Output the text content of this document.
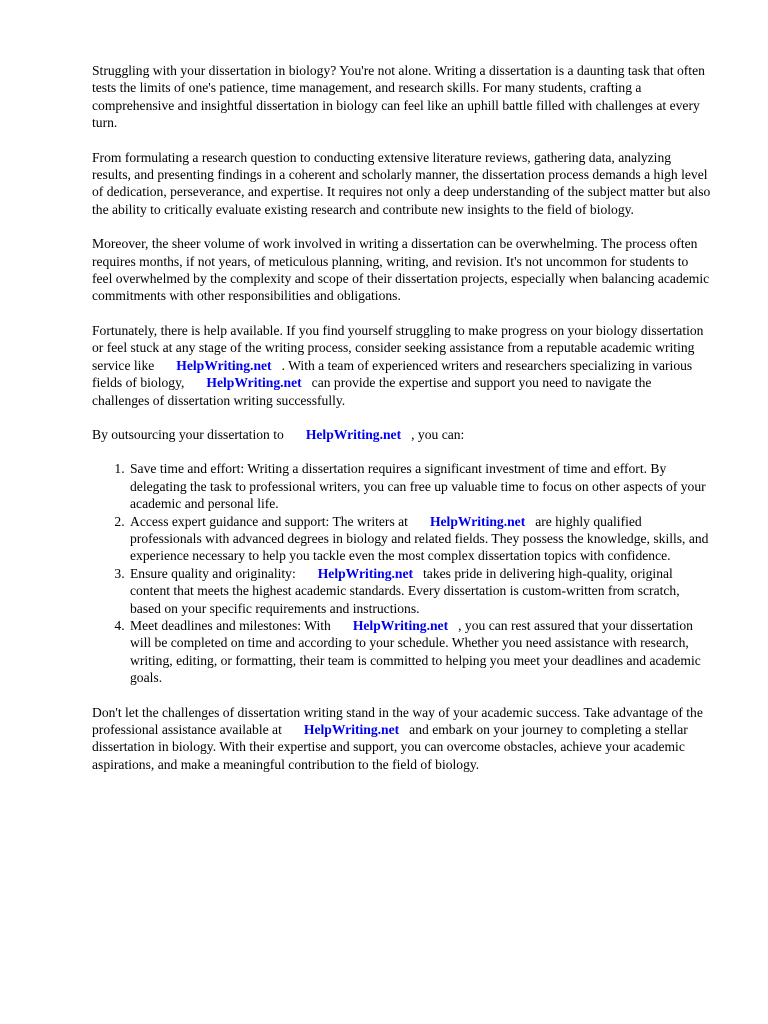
Struggling with your dissertation in biology? You're not alone. Writing a dissertation is a daunting task that often tests the limits of one's patience, time management, and research skills. For many students, crafting a comprehensive and insightful dissertation in biology can feel like an uphill battle filled with challenges at every turn.

From formulating a research question to conducting extensive literature reviews, gathering data, analyzing results, and presenting findings in a coherent and scholarly manner, the dissertation process demands a high level of dedication, perseverance, and expertise. It requires not only a deep understanding of the subject matter but also the ability to critically evaluate existing research and contribute new insights to the field of biology.

Moreover, the sheer volume of work involved in writing a dissertation can be overwhelming. The process often requires months, if not years, of meticulous planning, writing, and revision. It's not uncommon for students to feel overwhelmed by the complexity and scope of their dissertation projects, especially when balancing academic commitments with other responsibilities and obligations.

Fortunately, there is help available. If you find yourself struggling to make progress on your biology dissertation or feel stuck at any stage of the writing process, consider seeking assistance from a reputable academic writing service like HelpWriting.net . With a team of experienced writers and researchers specializing in various fields of biology, HelpWriting.net can provide the expertise and support you need to navigate the challenges of dissertation writing successfully.

By outsourcing your dissertation to HelpWriting.net , you can:

1. Save time and effort: Writing a dissertation requires a significant investment of time and effort. By delegating the task to professional writers, you can free up valuable time to focus on other aspects of your academic and personal life.
2. Access expert guidance and support: The writers at HelpWriting.net are highly qualified professionals with advanced degrees in biology and related fields. They possess the knowledge, skills, and experience necessary to help you tackle even the most complex dissertation topics with confidence.
3. Ensure quality and originality: HelpWriting.net takes pride in delivering high-quality, original content that meets the highest academic standards. Every dissertation is custom-written from scratch, based on your specific requirements and instructions.
4. Meet deadlines and milestones: With HelpWriting.net , you can rest assured that your dissertation will be completed on time and according to your schedule. Whether you need assistance with research, writing, editing, or formatting, their team is committed to helping you meet your deadlines and academic goals.

Don't let the challenges of dissertation writing stand in the way of your academic success. Take advantage of the professional assistance available at HelpWriting.net and embark on your journey to completing a stellar dissertation in biology. With their expertise and support, you can overcome obstacles, achieve your academic aspirations, and make a meaningful contribution to the field of biology.
